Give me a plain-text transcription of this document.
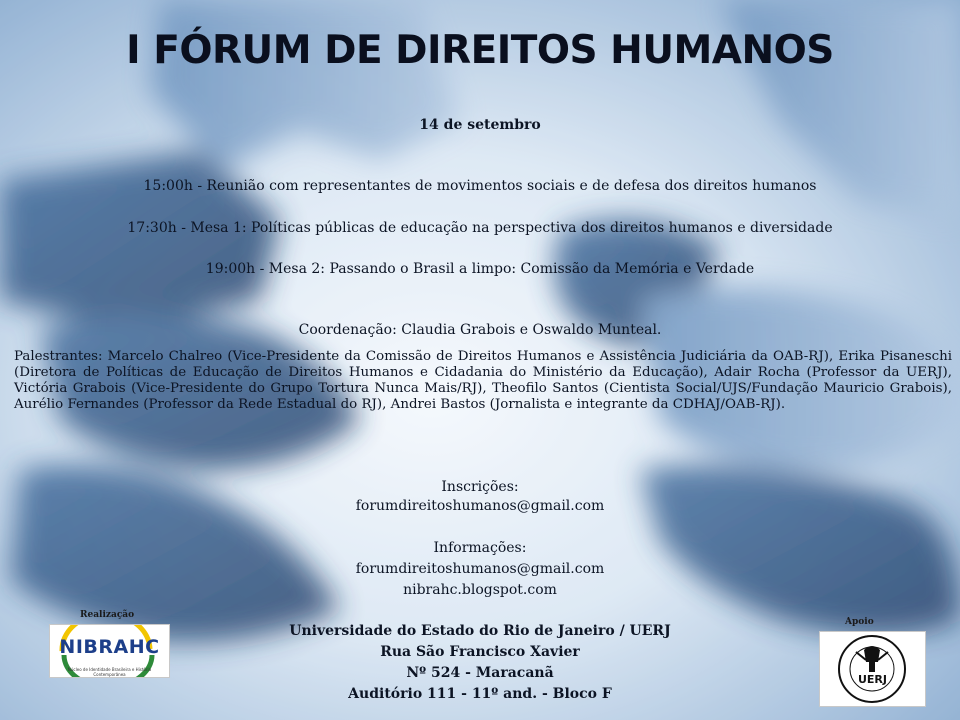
I FÓRUM DE DIREITOS HUMANOS
14 de setembro
15:00h - Reunião com representantes de movimentos sociais e de defesa dos direitos humanos
17:30h - Mesa 1: Políticas públicas de educação na perspectiva dos direitos humanos e diversidade
19:00h - Mesa 2: Passando o Brasil a limpo: Comissão da Memória e Verdade
Coordenação: Claudia Grabois e Oswaldo Munteal.
Palestrantes: Marcelo Chalreo (Vice-Presidente da Comissão de Direitos Humanos e Assistência Judiciária da OAB-RJ), Erika Pisaneschi (Diretora de Políticas de Educação de Direitos Humanos e Cidadania do Ministério da Educação), Adair Rocha (Professor da UERJ), Victória Grabois (Vice-Presidente do Grupo Tortura Nunca Mais/RJ), Theofilo Santos (Cientista Social/UJS/Fundação Mauricio Grabois), Aurélio Fernandes (Professor da Rede Estadual do RJ), Andrei Bastos (Jornalista e integrante da CDHAJ/OAB-RJ).
Inscrições:
forumdireitoshumanos@gmail.com
Informações:
forumdireitoshumanos@gmail.com
nibrahc.blogspot.com
Universidade do Estado do Rio de Janeiro / UERJ
Rua São Francisco Xavier
Nº 524 - Maracanã
Auditório 111 - 11º and. - Bloco F
Realização
NIBRAHC
Núcleo de Identidade Brasileira e História Contemporânea
Apoio
UERJ
